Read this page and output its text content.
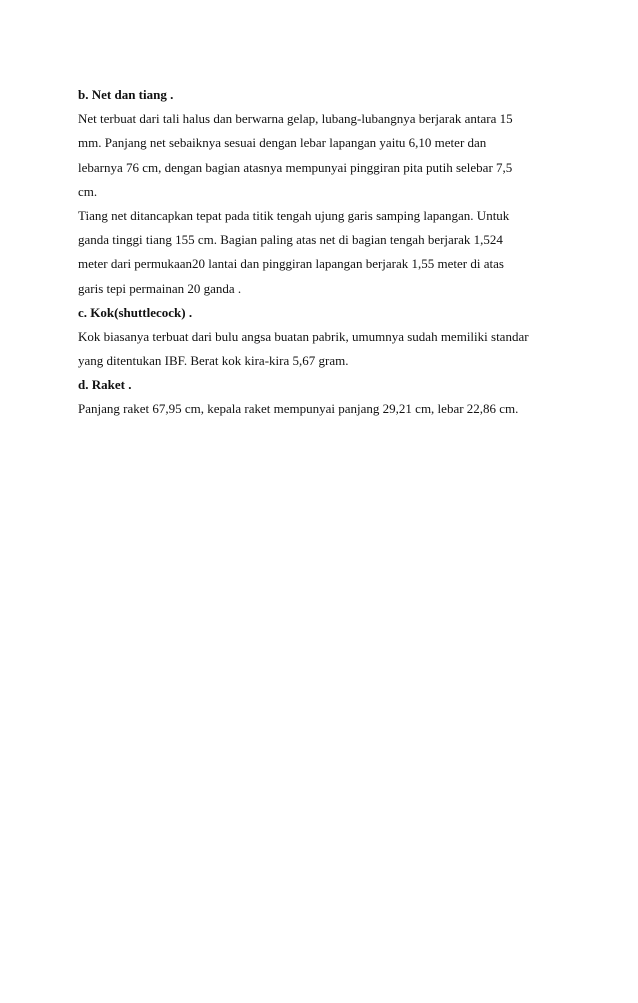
b. Net dan tiang .
Net terbuat dari tali halus dan berwarna gelap, lubang-lubangnya berjarak antara 15
mm. Panjang net sebaiknya sesuai dengan lebar lapangan yaitu 6,10 meter dan
lebarnya 76 cm, dengan bagian atasnya mempunyai pinggiran pita putih selebar 7,5
cm.
Tiang net ditancapkan tepat pada titik tengah ujung garis samping lapangan. Untuk
ganda tinggi tiang 155 cm. Bagian paling atas net di bagian tengah berjarak 1,524
meter dari permukaan20 lantai dan pinggiran lapangan berjarak 1,55 meter di atas
garis tepi permainan 20 ganda .
c. Kok(shuttlecock) .
Kok biasanya terbuat dari bulu angsa buatan pabrik, umumnya sudah memiliki standar
yang ditentukan IBF. Berat kok kira-kira 5,67 gram.
d. Raket .
Panjang raket 67,95 cm, kepala raket mempunyai panjang 29,21 cm, lebar 22,86 cm.
